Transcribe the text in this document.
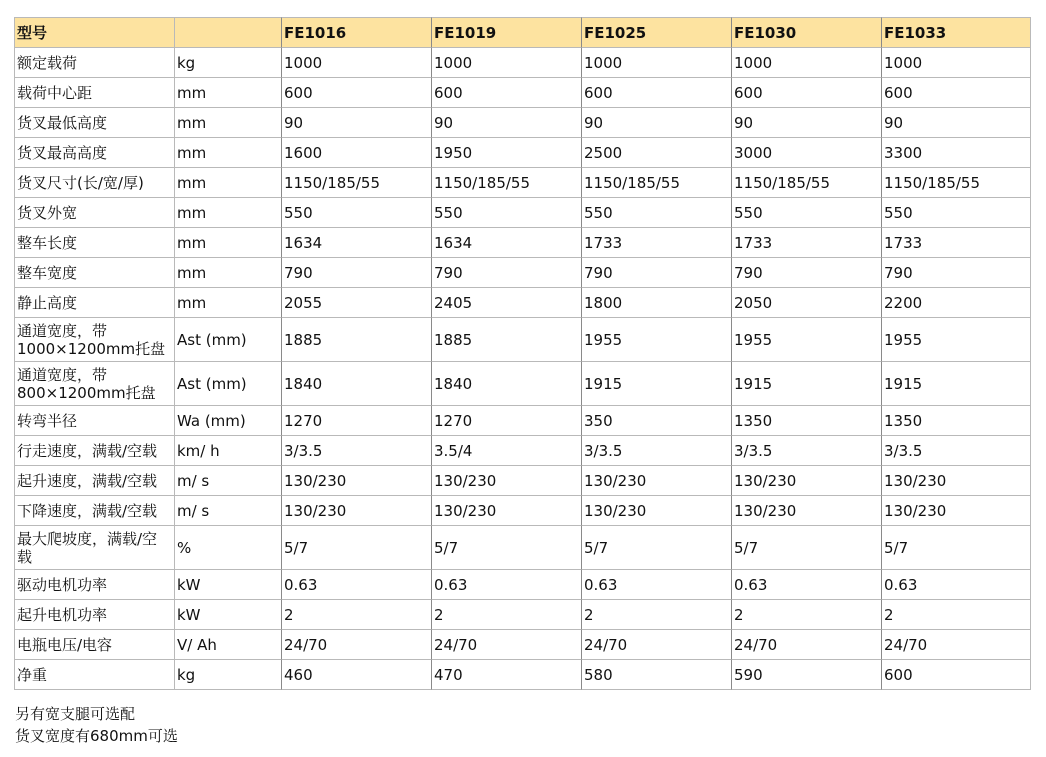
型号		FE1016	FE1019	FE1025	FE1030	FE1033
额定载荷	kg	1000	1000	1000	1000	1000
载荷中心距	mm	600	600	600	600	600
货叉最低高度	mm	90	90	90	90	90
货叉最高高度	mm	1600	1950	2500	3000	3300
货叉尺寸(长/宽/厚)	mm	1150/185/55	1150/185/55	1150/185/55	1150/185/55	1150/185/55
货叉外宽	mm	550	550	550	550	550
整车长度	mm	1634	1634	1733	1733	1733
整车宽度	mm	790	790	790	790	790
静止高度	mm	2055	2405	1800	2050	2200
通道宽度，带1000×1200mm托盘	Ast (mm)	1885	1885	1955	1955	1955
通道宽度，带800×1200mm托盘	Ast (mm)	1840	1840	1915	1915	1915
转弯半径	Wa (mm)	1270	1270	350	1350	1350
行走速度，满载/空载	km/ h	3/3.5	3.5/4	3/3.5	3/3.5	3/3.5
起升速度，满载/空载	m/ s	130/230	130/230	130/230	130/230	130/230
下降速度，满载/空载	m/ s	130/230	130/230	130/230	130/230	130/230
最大爬坡度，满载/空载	%	5/7	5/7	5/7	5/7	5/7
驱动电机功率	kW	0.63	0.63	0.63	0.63	0.63
起升电机功率	kW	2	2	2	2	2
电瓶电压/电容	V/ Ah	24/70	24/70	24/70	24/70	24/70
净重	kg	460	470	580	590	600
另有宽支腿可选配
货叉宽度有680mm可选
